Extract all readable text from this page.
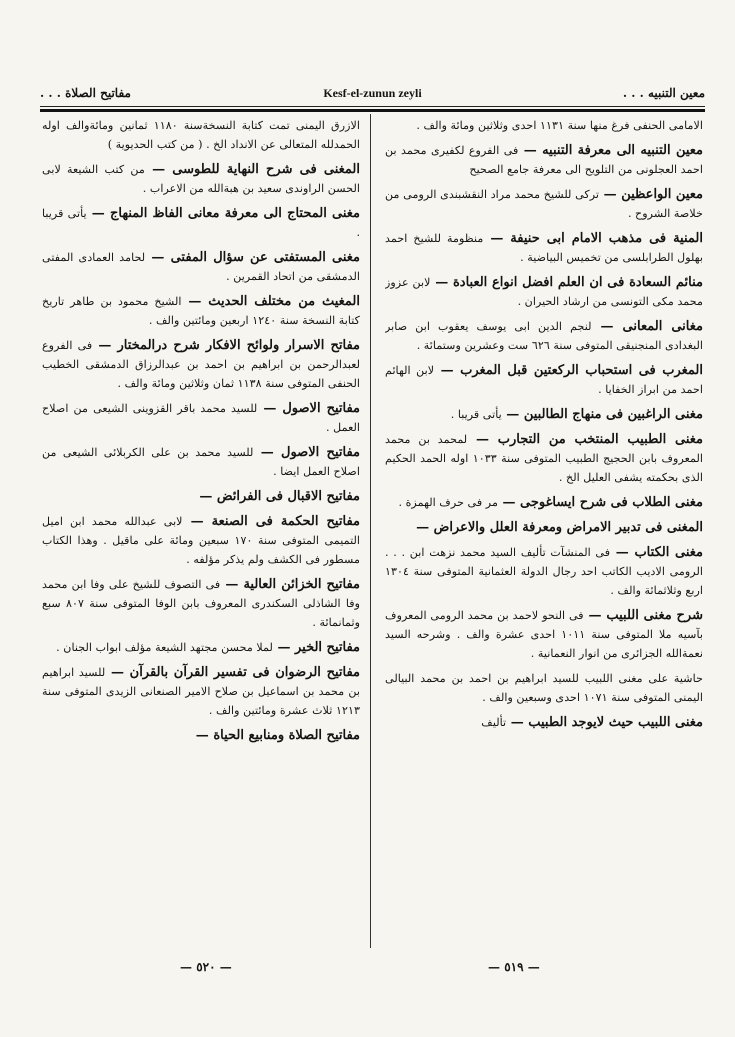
مفاتيح الصلاة . . .	Kesf-el-zunun zeyli	معين التنبيه . . .

الامامى الحنفى فرغ منها سنة ١١٣١ احدى وثلاثين ومائة والف .

معين التنبيه الى معرفة التنبيه — فى الفروع لكفيرى محمد بن احمد العجلونى من التلويح الى معرفة جامع الصحيح

معين الواعظين — تركى للشيخ محمد مراد النقشبندى الرومى من خلاصة الشروح .

المنية فى مذهب الامام ابى حنيفة — منظومة للشيخ احمد بهلول الطرابلسى من تخميس البياضية .

منائم السعادة فى ان العلم افضل انواع العبادة — لابن عزوز محمد مكى التونسى من ارشاد الحيران .

مغانى المعانى — لنجم الدين ابى يوسف يعقوب ابن صابر البغدادى المنجنيقى المتوفى سنة ٦٢٦ ست وعشرين وستمائة .

المغرب فى استحباب الركعتين قبل المغرب — لابن الهائم احمد من ابراز الخفايا .

مغنى الراغبين فى منهاج الطالبين — يأتى قريبا .

مغنى الطبيب المنتخب من التجارب — لمحمد بن محمد المعروف بابن الحجيج الطبيب المتوفى سنة ١٠٣٣ اوله الحمد الحكيم الذى بحكمته يشفى العليل الخ .

مغنى الطلاب فى شرح ايساغوجى — مر فى حرف الهمزة .

المغنى فى تدبير الامراض ومعرفة العلل والاعراض —

مغنى الكتاب — فى المنشآت تأليف السيد محمد نزهت ابن . . . الرومى الاديب الكاتب احد رجال الدولة العثمانية المتوفى سنة ١٣٠٤ اربع وثلاثمائة والف .

شرح مغنى اللبيب — فى النحو لاحمد بن محمد الرومى المعروف بآسيه ملا المتوفى سنة ١٠١١ احدى عشرة والف . وشرحه السيد نعمةالله الجزائرى من انوار النعمانية .

حاشية على مغنى اللبيب للسيد ابراهيم بن احمد بن محمد البيالى اليمنى المتوفى سنة ١٠٧١ احدى وسبعين والف .

مغنى اللبيب حيث لايوجد الطبيب — تأليف

الازرق اليمنى تمت كتابة النسخةسنة ١١٨٠ ثمانين ومائةوالف اوله الحمدلله المتعالى عن الانداد الخ . ( من كتب الحديوية )

المغنى فى شرح النهاية للطوسى — من كتب الشيعة لابى الحسن الراوندى سعيد بن هبةالله من الاعراب .

مغنى المحتاج الى معرفة معانى الفاظ المنهاج — يأتى قريبا .

مغنى المستفتى عن سؤال المفتى — لحامد العمادى المفتى الدمشقى من اتحاد القمرين .

المغيث من مختلف الحديث — الشيخ محمود بن طاهر تاريخ كتابة النسخة سنة ١٢٤٠ اربعين ومائتين والف .

مفاتح الاسرار ولوائح الافكار شرح درالمختار — فى الفروع لعبدالرحمن بن ابراهيم بن احمد بن عبدالرزاق الدمشقى الخطيب الحنفى المتوفى سنة ١١٣٨ ثمان وثلاثين ومائة والف .

مفاتيح الاصول — للسيد محمد باقر القزوينى الشيعى من اصلاح العمل .

مفاتيح الاصول — للسيد محمد بن على الكربلائى الشيعى من اصلاح العمل ايضا .

مفاتيح الاقبال فى الفرائض —

مفاتيح الحكمة فى الصنعة — لابى عبدالله محمد ابن اميل التميمى المتوفى سنة ١٧٠ سبعين ومائة على ماقيل . وهذا الكتاب مسطور فى الكشف ولم يذكر مؤلفه .

مفاتيح الخزائن العالية — فى التصوف للشيخ على وفا ابن محمد وفا الشاذلى السكندرى المعروف بابن الوفا المتوفى سنة ٨٠٧ سبع وثمانمائة .

مفاتيح الخير — لملا محسن مجتهد الشيعة مؤلف ابواب الجنان .

مفاتيح الرضوان فى تفسير القرآن بالقرآن — للسيد ابراهيم بن محمد بن اسماعيل بن صلاح الامير الصنعانى الزيدى المتوفى سنة ١٢١٣ ثلاث عشرة ومائتين والف .

مفاتيح الصلاة ومنابيع الحياة —

— ٥٢٠ —	— ٥١٩ —
